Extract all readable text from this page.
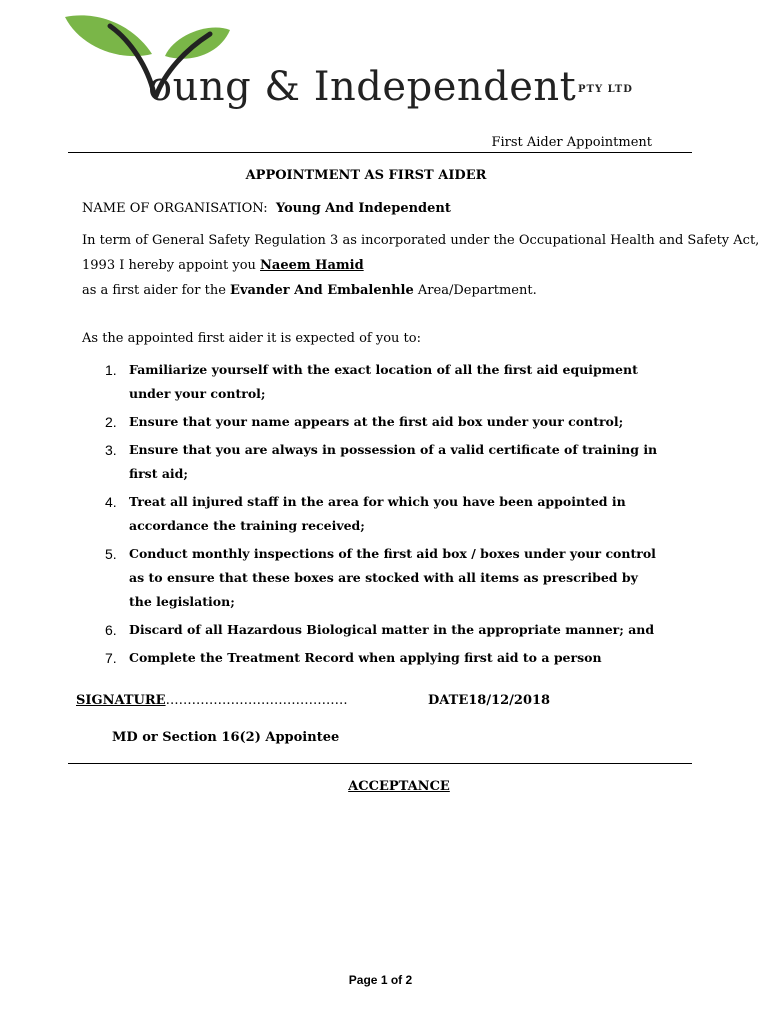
oung & Independent PTY LTD
First Aider Appointment
APPOINTMENT AS FIRST AIDER
NAME OF ORGANISATION: Young And Independent
In term of General Safety Regulation 3 as incorporated under the Occupational Health and Safety Act,
1993 I hereby appoint you Naeem Hamid
as a first aider for the Evander And Embalenhle Area/Department.
As the appointed first aider it is expected of you to:
1. Familiarize yourself with the exact location of all the first aid equipment under your control;
2. Ensure that your name appears at the first aid box under your control;
3. Ensure that you are always in possession of a valid certificate of training in first aid;
4. Treat all injured staff in the area for which you have been appointed in accordance the training received;
5. Conduct monthly inspections of the first aid box / boxes under your control as to ensure that these boxes are stocked with all items as prescribed by the legislation;
6. Discard of all Hazardous Biological matter in the appropriate manner; and
7. Complete the Treatment Record when applying first aid to a person
SIGNATURE……………………………………	DATE18/12/2018
MD or Section 16(2) Appointee
ACCEPTANCE
Page 1 of 2
